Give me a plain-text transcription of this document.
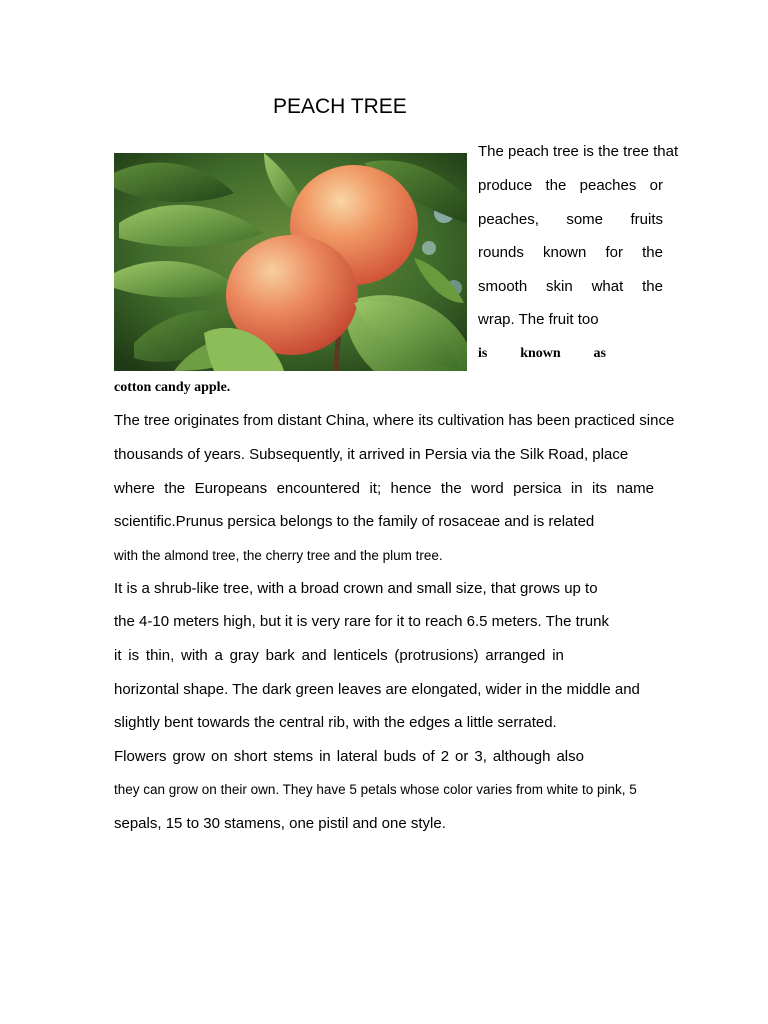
PEACH TREE
The peach tree is the tree that
produce the peaches or
peaches, some fruits
rounds known for the
smooth skin what the
wrap. The fruit too
is known as
cotton candy apple.
The tree originates from distant China, where its cultivation has been practiced since
thousands of years. Subsequently, it arrived in Persia via the Silk Road, place
where the Europeans encountered it; hence the word persica in its name
scientific.Prunus persica belongs to the family of rosaceae and is related
with the almond tree, the cherry tree and the plum tree.
It is a shrub-like tree, with a broad crown and small size, that grows up to
the 4-10 meters high, but it is very rare for it to reach 6.5 meters. The trunk
it is thin, with a gray bark and lenticels (protrusions) arranged in
horizontal shape. The dark green leaves are elongated, wider in the middle and
slightly bent towards the central rib, with the edges a little serrated.
Flowers grow on short stems in lateral buds of 2 or 3, although also
they can grow on their own. They have 5 petals whose color varies from white to pink, 5
sepals, 15 to 30 stamens, one pistil and one style.
